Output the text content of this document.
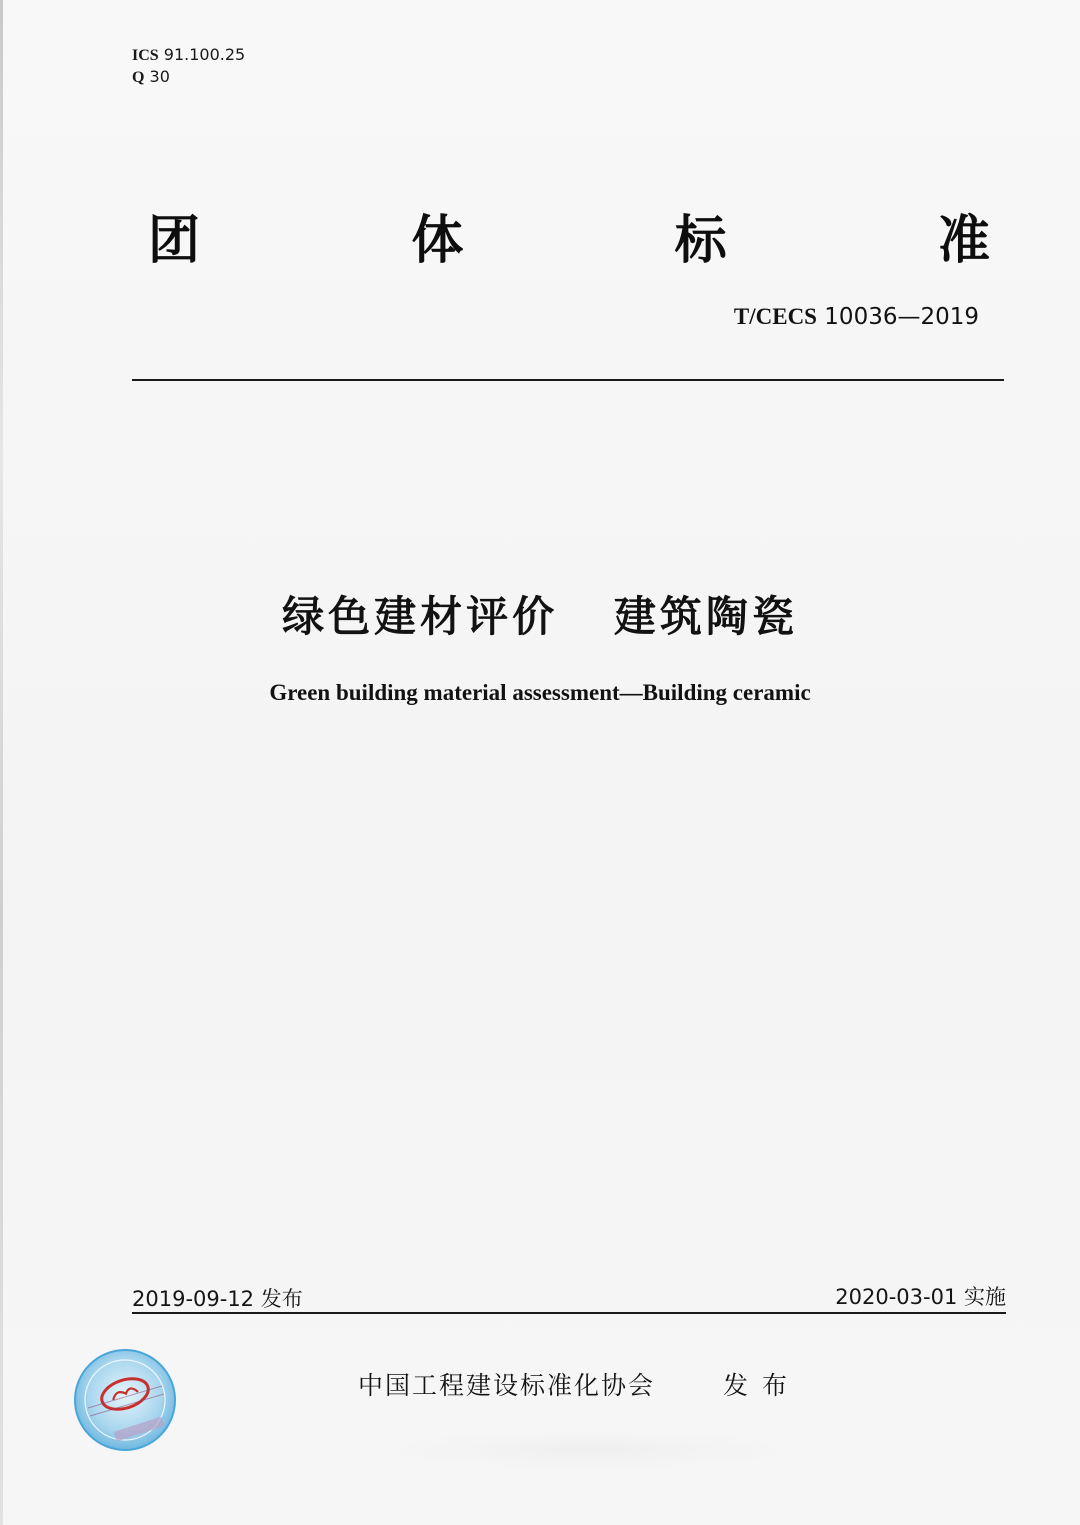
ICS 91.100.25
Q 30
团	体	标	准
T/CECS 10036—2019
绿色建材评价   建筑陶瓷
Green building material assessment—Building ceramic
2019-09-12 发布	2020-03-01 实施
中国工程建设标准化协会	发布
